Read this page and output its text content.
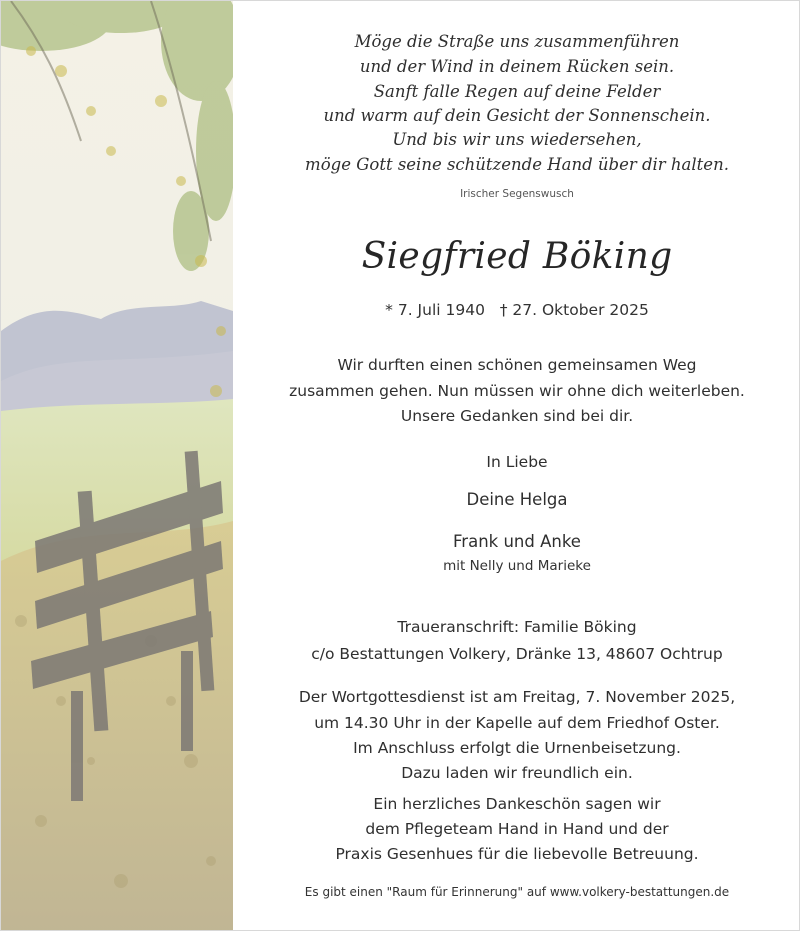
Möge die Straße uns zusammenführen
und der Wind in deinem Rücken sein.
Sanft falle Regen auf deine Felder
und warm auf dein Gesicht der Sonnenschein.
Und bis wir uns wiedersehen,
möge Gott seine schützende Hand über dir halten.
Irischer Segenswusch
Siegfried Böking
* 7. Juli 1940   † 27. Oktober 2025
Wir durften einen schönen gemeinsamen Weg
zusammen gehen. Nun müssen wir ohne dich weiterleben.
Unsere Gedanken sind bei dir.
In Liebe
Deine Helga
Frank und Anke
mit Nelly und Marieke
Traueranschrift: Familie Böking
c/o Bestattungen Volkery, Dränke 13, 48607 Ochtrup
Der Wortgottesdienst ist am Freitag, 7. November 2025,
um 14.30 Uhr in der Kapelle auf dem Friedhof Oster.
Im Anschluss erfolgt die Urnenbeisetzung.
Dazu laden wir freundlich ein.
Ein herzliches Dankeschön sagen wir
dem Pflegeteam Hand in Hand und der
Praxis Gesenhues für die liebevolle Betreuung.
Es gibt einen "Raum für Erinnerung" auf www.volkery-bestattungen.de
